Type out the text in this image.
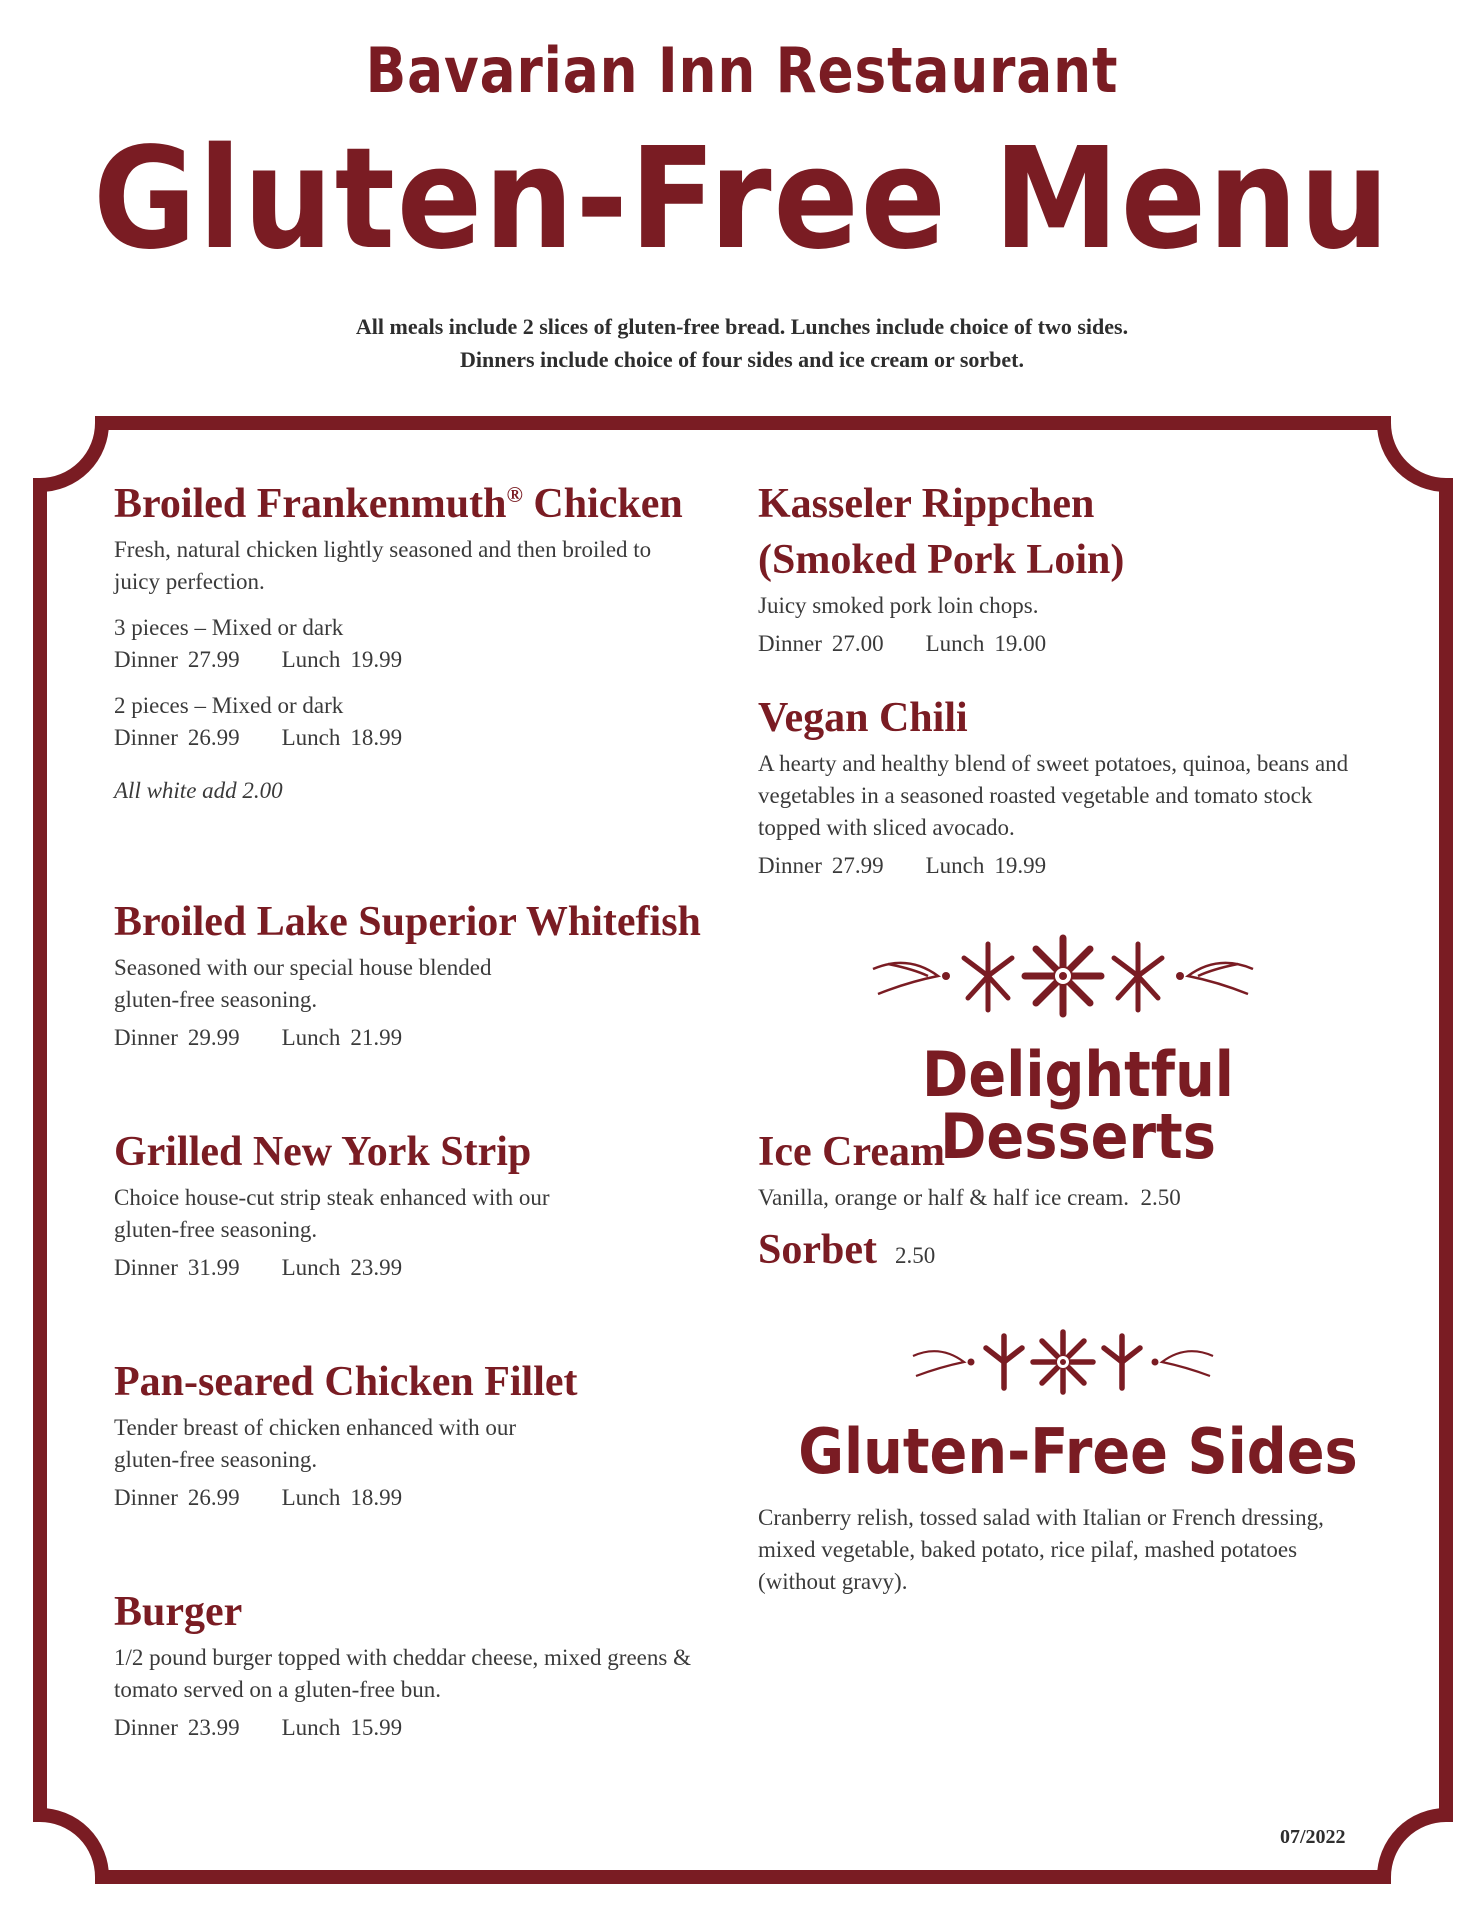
Bavarian Inn Restaurant
Gluten-Free Menu
All meals include 2 slices of gluten-free bread. Lunches include choice of two sides.
Dinners include choice of four sides and ice cream or sorbet.
Broiled Frankenmuth® Chicken

Fresh, natural chicken lightly seasoned and then broiled to juicy perfection.

3 pieces – Mixed or dark

Dinner 27.99 Lunch 19.99

2 pieces – Mixed or dark

Dinner 26.99 Lunch 18.99
All white add 2.00
Broiled Lake Superior Whitefish

Seasoned with our special house blended gluten-free seasoning.

Dinner 29.99 Lunch 21.99
Grilled New York Strip

Choice house-cut strip steak enhanced with our gluten-free seasoning.

Dinner 31.99 Lunch 23.99
Pan-seared Chicken Fillet

Tender breast of chicken enhanced with our gluten-free seasoning.

Dinner 26.99 Lunch 18.99
Burger

1/2 pound burger topped with cheddar cheese, mixed greens & tomato served on a gluten-free bun.

Dinner 23.99 Lunch 15.99
Kasseler Rippchen
(Smoked Pork Loin)

Juicy smoked pork loin chops.

Dinner 27.00 Lunch 19.00
Vegan Chili

A hearty and healthy blend of sweet potatoes, quinoa, beans and vegetables in a seasoned roasted vegetable and tomato stock topped with sliced avocado.

Dinner 27.99 Lunch 19.99
Delightful Desserts
Ice Cream

Vanilla, orange or half & half ice cream. 2.50

Sorbet 2.50
Gluten-Free Sides

Cranberry relish, tossed salad with Italian or French dressing, mixed vegetable, baked potato, rice pilaf, mashed potatoes (without gravy).

07/2022
